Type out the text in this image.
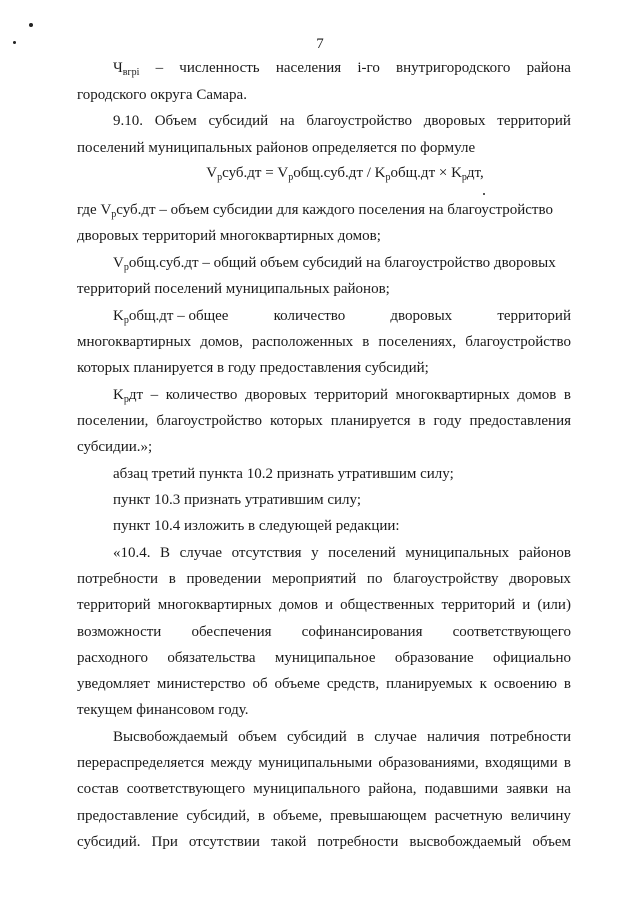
7
$Ч_{вгрi}$ – численность населения i-го внутригородского района
городского округа Самара.
9.10. Объем субсидий на благоустройство дворовых территорий
поселений муниципальных районов определяется по формуле
$V_рсуб.дт = V_робщ.суб.дт / K_робщ.дт \times K_рдт$,
где $V_рсуб.дт$ – объем субсидии для каждого поселения на благоустройство
дворовых территорий многоквартирных домов;
$V_робщ.суб.дт$ – общий объем субсидий на благоустройство дворовых
территорий поселений муниципальных районов;
$K_робщ.дт$ – общее	количество	дворовых	территорий
многоквартирных домов, расположенных в поселениях, благоустройство
которых планируется в году предоставления субсидий;
$K_рдт$ – количество дворовых территорий многоквартирных домов в
поселении, благоустройство которых планируется в году предоставления
субсидии.»;
абзац третий пункта 10.2 признать утратившим силу;
пункт 10.3 признать утратившим силу;
пункт 10.4 изложить в следующей редакции:
«10.4. В случае отсутствия у поселений муниципальных районов
потребности в проведении мероприятий по благоустройству дворовых
территорий многоквартирных домов и общественных территорий и (или)
возможности обеспечения софинансирования соответствующего
расходного обязательства муниципальное образование официально
уведомляет министерство об объеме средств, планируемых к освоению в
текущем финансовом году.
Высвобождаемый объем субсидий в случае наличия потребности
перераспределяется между муниципальными образованиями, входящими в
состав соответствующего муниципального района, подавшими заявки на
предоставление субсидий, в объеме, превышающем расчетную величину
субсидий. При отсутствии такой потребности высвобождаемый объем
